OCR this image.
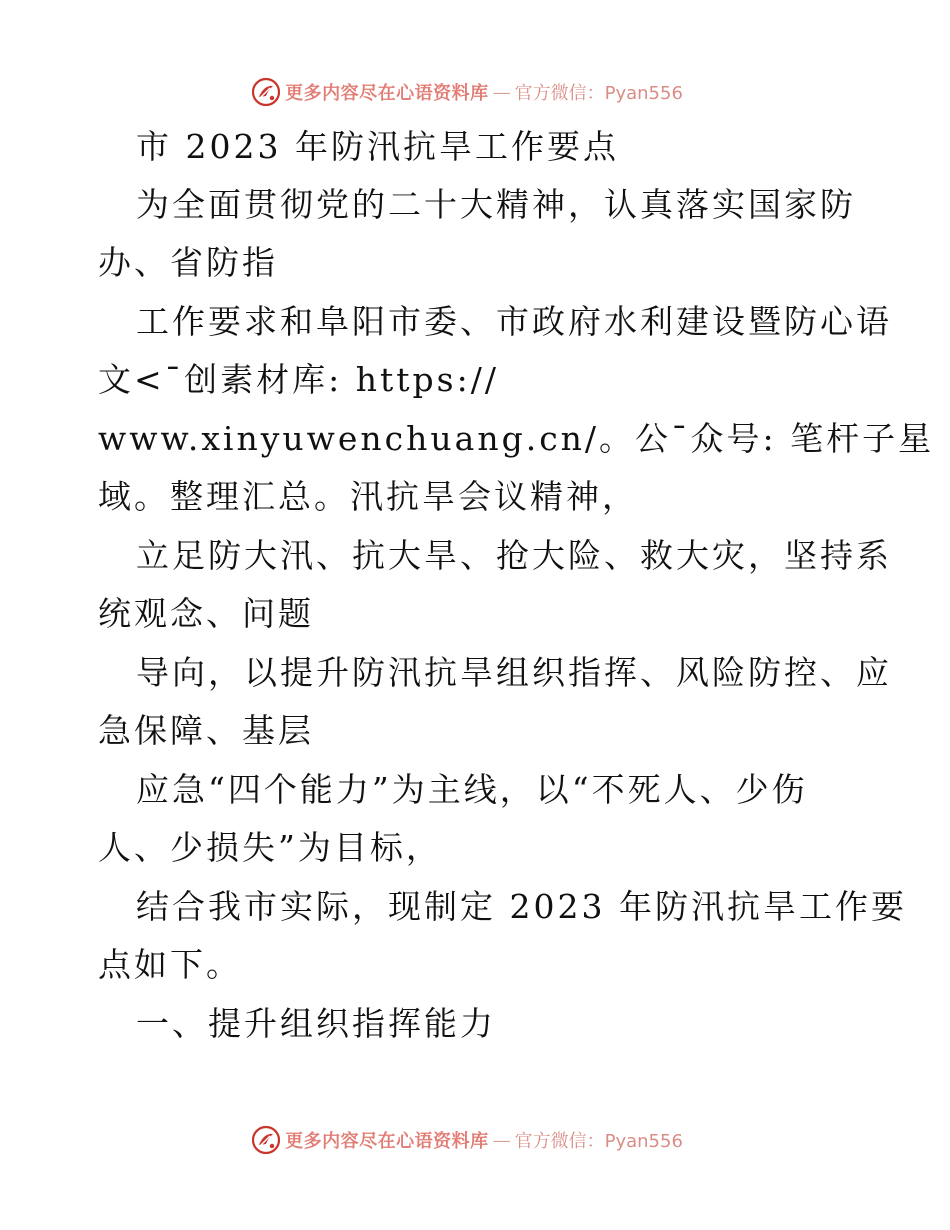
更多内容尽在心语资料库 — 官方微信：Pyan556
市 2023 年防汛抗旱工作要点
为全面贯彻党的二十大精神，认真落实国家防
办、省防指
工作要求和阜阳市委、市政府水利建设暨防心语
文<¯创素材库: https://
www.xinyuwenchuang.cn/。公¯众号: 笔杆子星
域。整理汇总。汛抗旱会议精神，
立足防大汛、抗大旱、抢大险、救大灾，坚持系
统观念、问题
导向，以提升防汛抗旱组织指挥、风险防控、应
急保障、基层
应急“四个能力”为主线，以“不死人、少伤
人、少损失”为目标，
结合我市实际，现制定 2023 年防汛抗旱工作要
点如下。
一、提升组织指挥能力
更多内容尽在心语资料库 — 官方微信：Pyan556
